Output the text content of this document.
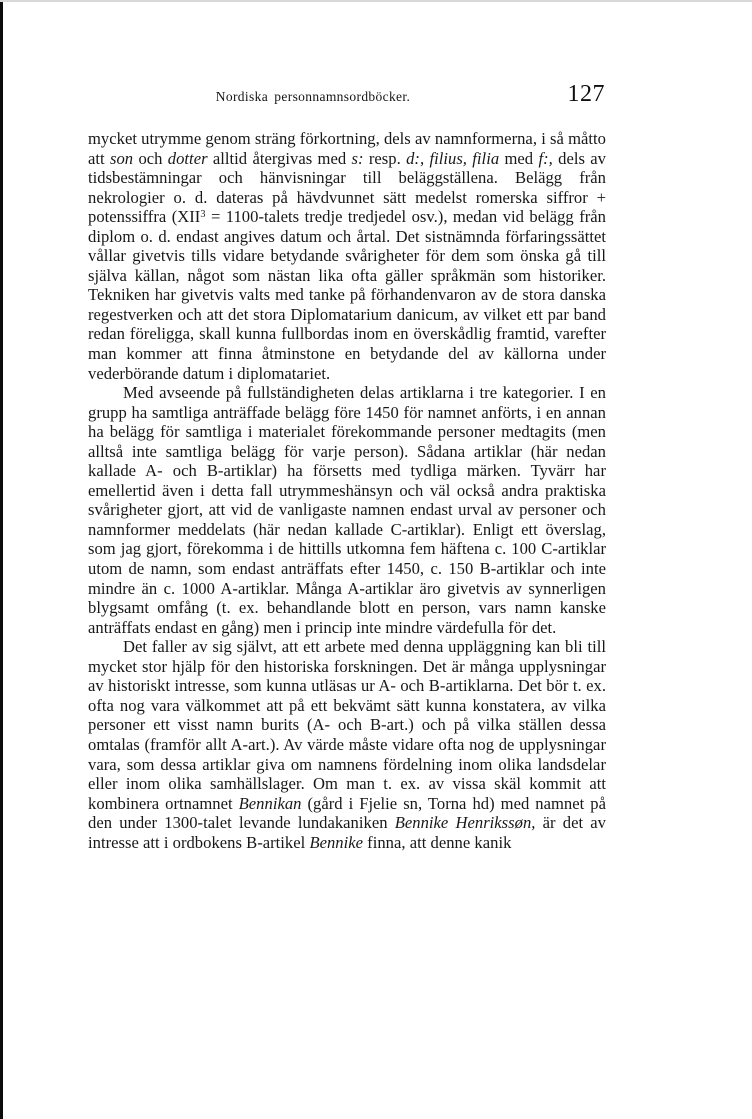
Nordiska personnamnsordböcker.	127

mycket utrymme genom sträng förkortning, dels av namnformerna, i så måtto att son och dotter alltid återgivas med s: resp. d:, filius, filia med f:, dels av tidsbestämningar och hänvisningar till beläggställena. Belägg från nekrologier o. d. dateras på hävdvunnet sätt medelst romerska siffror + potenssiffra ($XII^3$ = 1100-talets tredje tredjedel osv.), medan vid belägg från diplom o. d. endast angives datum och årtal. Det sistnämnda förfaringssättet vållar givetvis tills vidare betydande svårigheter för dem som önska gå till själva källan, något som nästan lika ofta gäller språkmän som historiker. Tekniken har givetvis valts med tanke på förhandenvaron av de stora danska regestverken och att det stora Diplomatarium danicum, av vilket ett par band redan föreligga, skall kunna fullbordas inom en överskådlig framtid, varefter man kommer att finna åtminstone en betydande del av källorna under vederbörande datum i diplomatariet.

Med avseende på fullständigheten delas artiklarna i tre kategorier. I en grupp ha samtliga anträffade belägg före 1450 för namnet anförts, i en annan ha belägg för samtliga i materialet förekommande personer medtagits (men alltså inte samtliga belägg för varje person). Sådana artiklar (här nedan kallade A- och B-artiklar) ha försetts med tydliga märken. Tyvärr har emellertid även i detta fall utrymmeshänsyn och väl också andra praktiska svårigheter gjort, att vid de vanligaste namnen endast urval av personer och namnformer meddelats (här nedan kallade C-artiklar). Enligt ett överslag, som jag gjort, förekomma i de hittills utkomna fem häftena c. 100 C-artiklar utom de namn, som endast anträffats efter 1450, c. 150 B-artiklar och inte mindre än c. 1000 A-artiklar. Många A-artiklar äro givetvis av synnerligen blygsamt omfång (t. ex. behandlande blott en person, vars namn kanske anträffats endast en gång) men i princip inte mindre värdefulla för det.

Det faller av sig självt, att ett arbete med denna uppläggning kan bli till mycket stor hjälp för den historiska forskningen. Det är många upplysningar av historiskt intresse, som kunna utläsas ur A- och B-artiklarna. Det bör t. ex. ofta nog vara välkommet att på ett bekvämt sätt kunna konstatera, av vilka personer ett visst namn burits (A- och B-art.) och på vilka ställen dessa omtalas (framför allt A-art.). Av värde måste vidare ofta nog de upplysningar vara, som dessa artiklar giva om namnens fördelning inom olika landsdelar eller inom olika samhällslager. Om man t. ex. av vissa skäl kommit att kombinera ortnamnet Bennikan (gård i Fjelie sn, Torna hd) med namnet på den under 1300-talet levande lundakaniken Bennike Henrikssøn, är det av intresse att i ordbokens B-artikel Bennike finna, att denne kanik
